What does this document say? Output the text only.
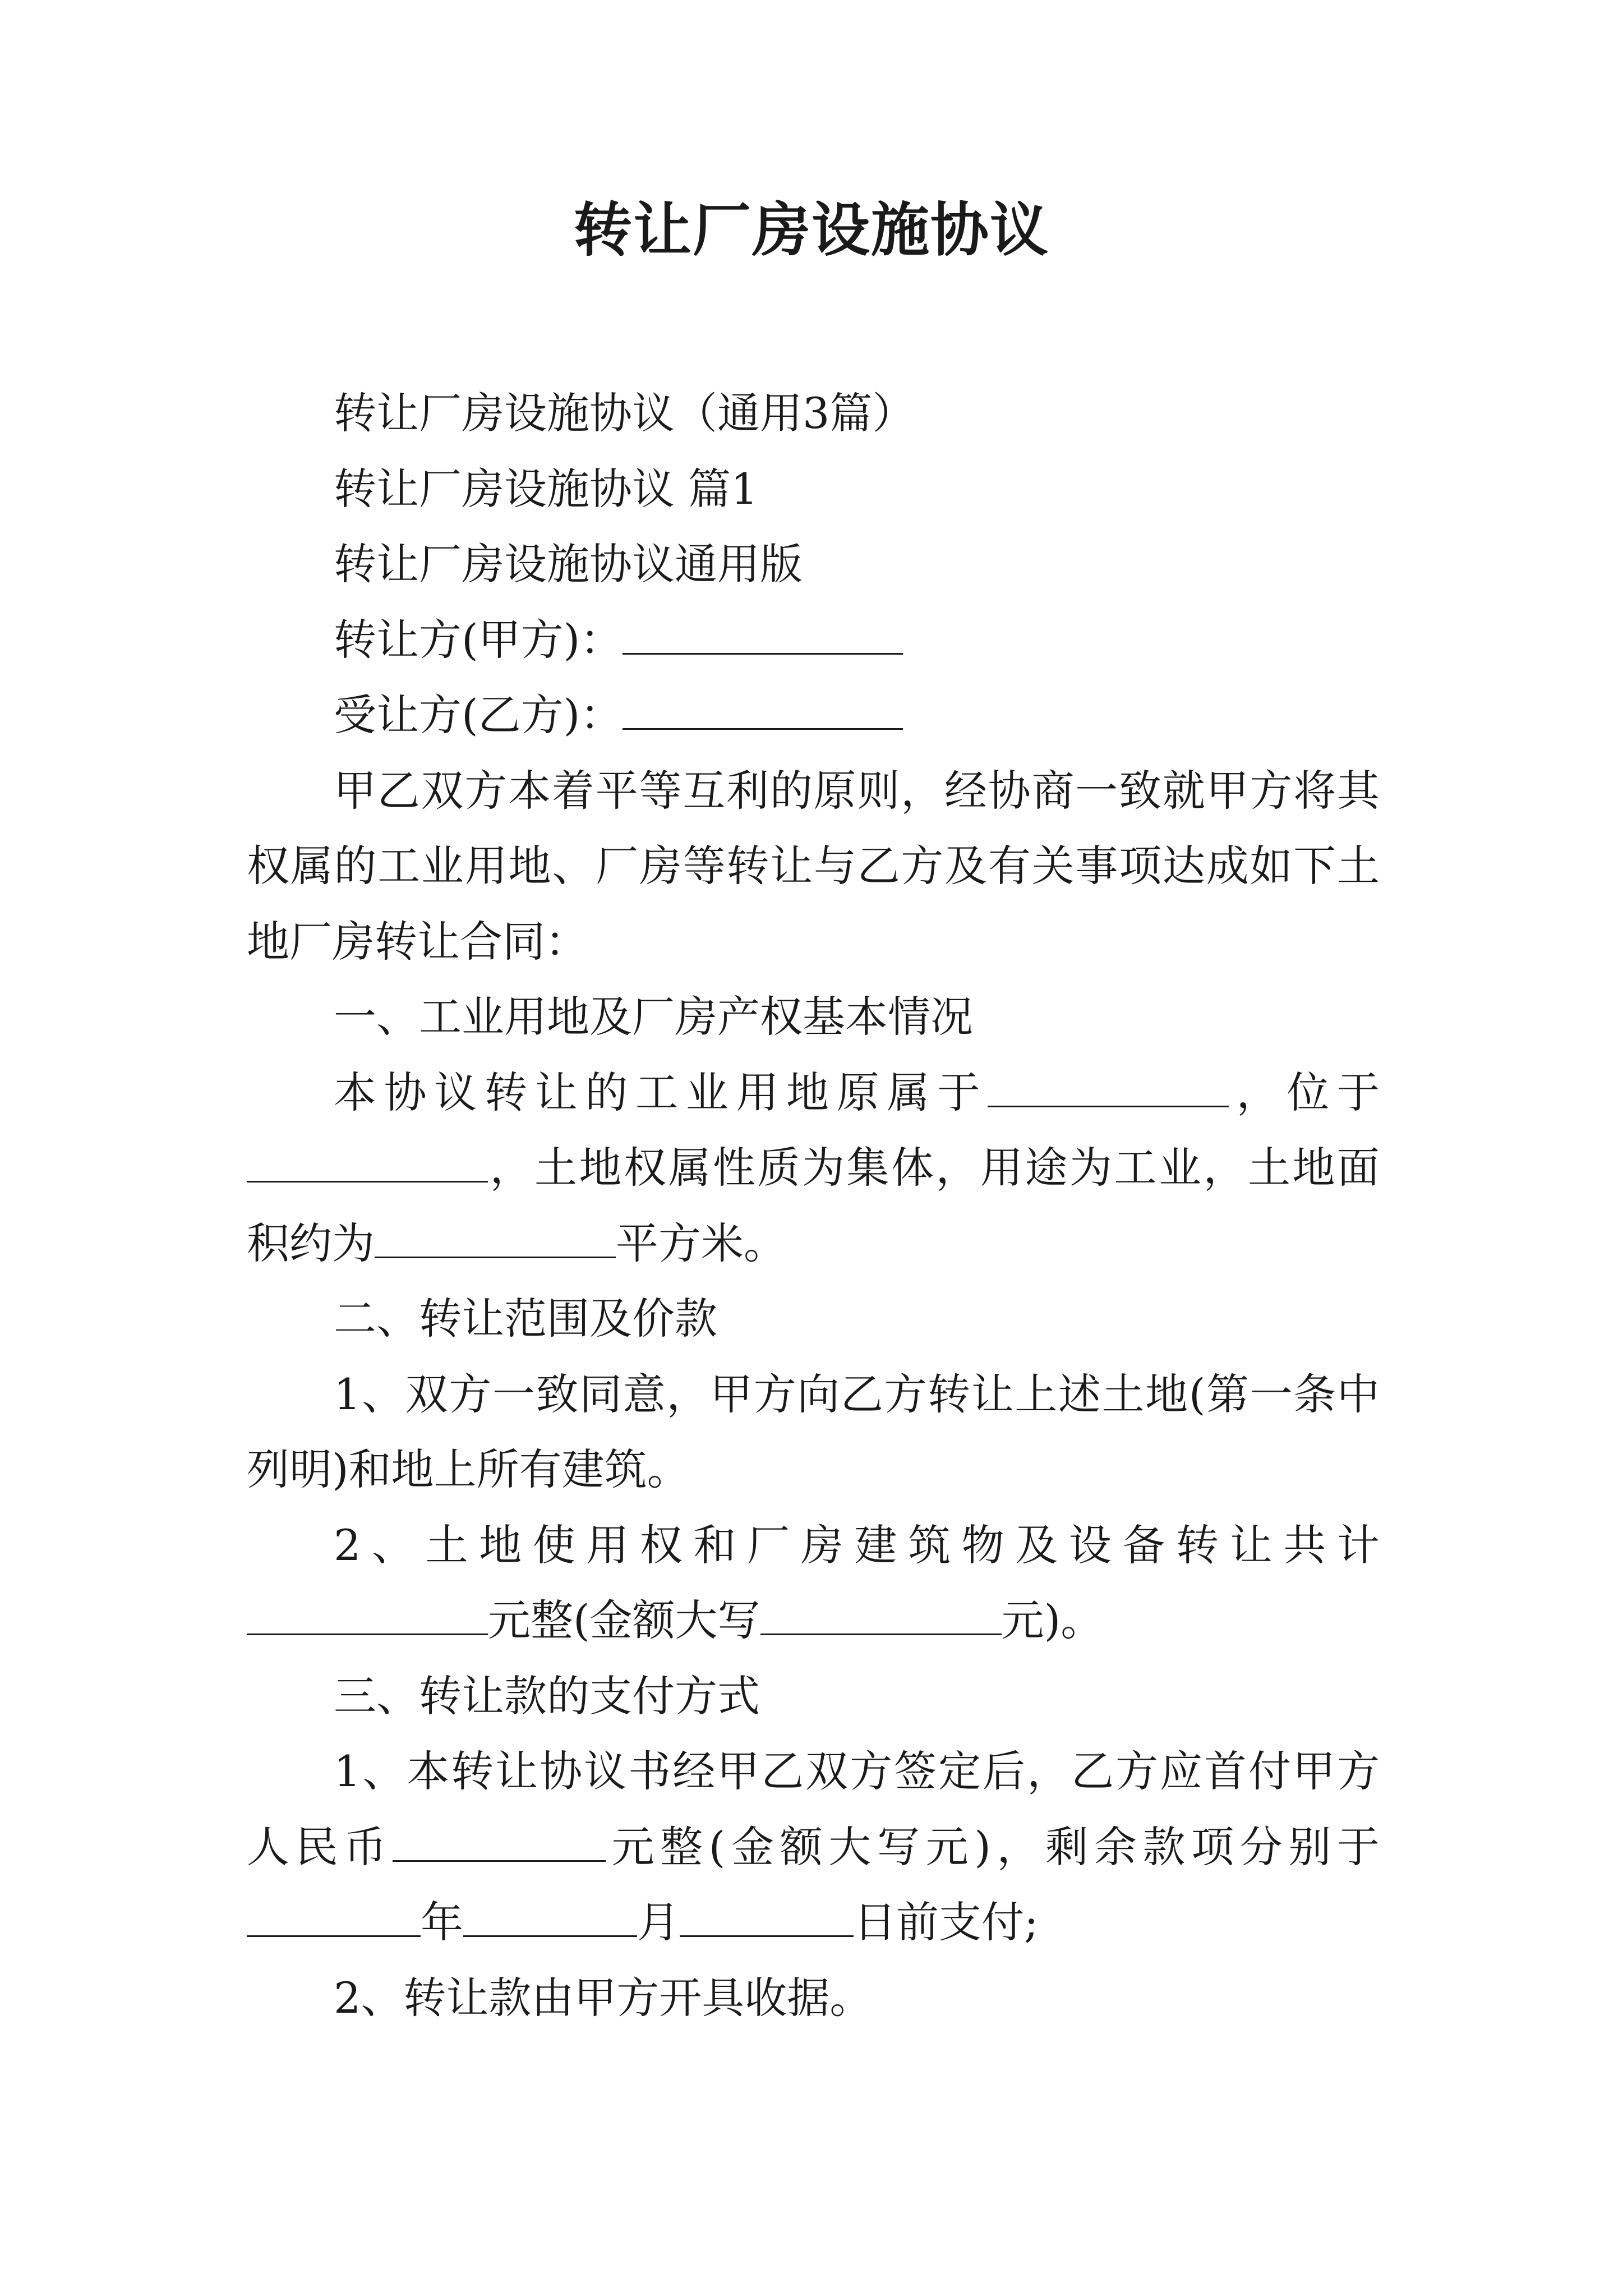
转让厂房设施协议

转让厂房设施协议（通用3篇）

转让厂房设施协议 篇1

转让厂房设施协议通用版

转让方(甲方)：

受让方(乙方)：

甲乙双方本着平等互利的原则，经协商一致就甲方将其

权属的工业用地、厂房等转让与乙方及有关事项达成如下土

地厂房转让合同：

一、工业用地及厂房产权基本情况

本协议转让的工业用地原属于	，位于

，土地权属性质为集体，用途为工业，土地面

积约为	平方米。

二、转让范围及价款

1、双方一致同意，甲方向乙方转让上述土地(第一条中

列明)和地上所有建筑。

2、土地使用权和厂房建筑物及设备转让共计

元整(金额大写	元)。

三、转让款的支付方式

1、本转让协议书经甲乙双方签定后，乙方应首付甲方

人民币	元整(金额大写元)，剩余款项分别于

年	月	日前支付;

2、转让款由甲方开具收据。
